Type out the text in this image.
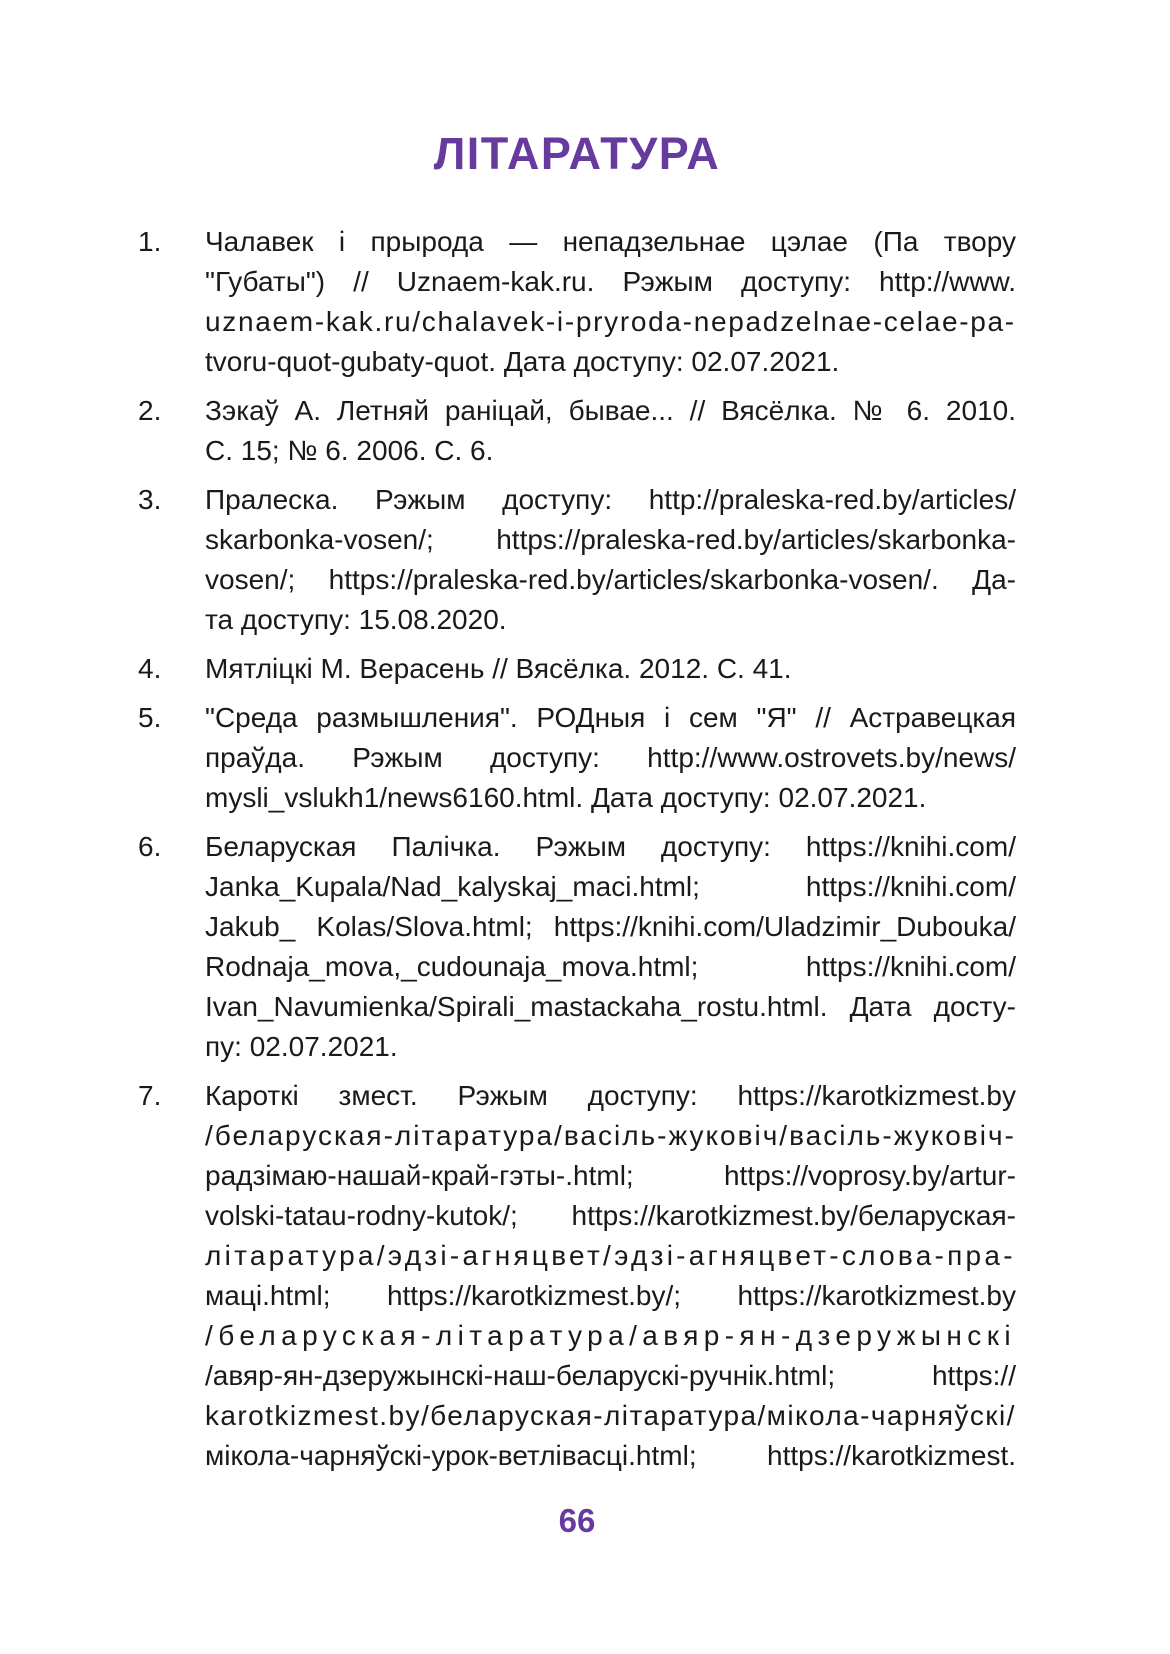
ЛІТАРАТУРА
1.	Чалавек і прырода — непадзельнае цэлае (Па твору
"Губаты") // Uznaem-kak.ru. Рэжым доступу: http://www.
uznaem-kak.ru/chalavek-i-pryroda-nepadzelnae-celae-pa-
tvoru-quot-gubaty-quot. Дата доступу: 02.07.2021.
2.	Зэкаў А. Летняй раніцай, бывае... // Вясёлка. № 6. 2010.
С. 15; № 6. 2006. С. 6.
3.	Пралеска. Рэжым доступу: http://praleska-red.by/articles/
skarbonka-vosen/; https://praleska-red.by/articles/skarbonka-
vosen/; https://praleska-red.by/articles/skarbonka-vosen/. Да-
та доступу: 15.08.2020.
4.	Мятліцкі М. Верасень // Вясёлка. 2012. С. 41.
5.	"Среда размышления". РОДныя і сем "Я" // Астравецкая
праўда. Рэжым доступу: http://www.ostrovets.by/news/
mysli_vslukh1/news6160.html. Дата доступу: 02.07.2021.
6.	Беларуская Палічка. Рэжым доступу: https://knihi.com/
Janka_Kupala/Nad_kalyskaj_maci.html; https://knihi.com/
Jakub_ Kolas/Slova.html; https://knihi.com/Uladzimir_Dubouka/
Rodnaja_mova,_cudounaja_mova.html; https://knihi.com/
Ivan_Navumienka/Spirali_mastackaha_rostu.html. Дата досту-
пу: 02.07.2021.
7.	Кароткі змест. Рэжым доступу: https://karotkizmest.by
/беларуская-літаратура/васіль-жуковіч/васіль-жуковіч-
радзімаю-нашай-край-гэты-.html; https://voprosy.by/artur-
volski-tatau-rodny-kutok/; https://karotkizmest.by/беларуская-
літаратура/эдзі-агняцвет/эдзі-агняцвет-слова-пра-
маці.html; https://karotkizmest.by/; https://karotkizmest.by
/беларуская-літаратура/авяр-ян-дзеружынскі
/авяр-ян-дзеружынскі-наш-беларускі-ручнік.html; https://
karotkizmest.by/беларуская-літаратура/мікола-чарняўскі/
мікола-чарняўскі-урок-ветлівасці.html; https://karotkizmest.
66
